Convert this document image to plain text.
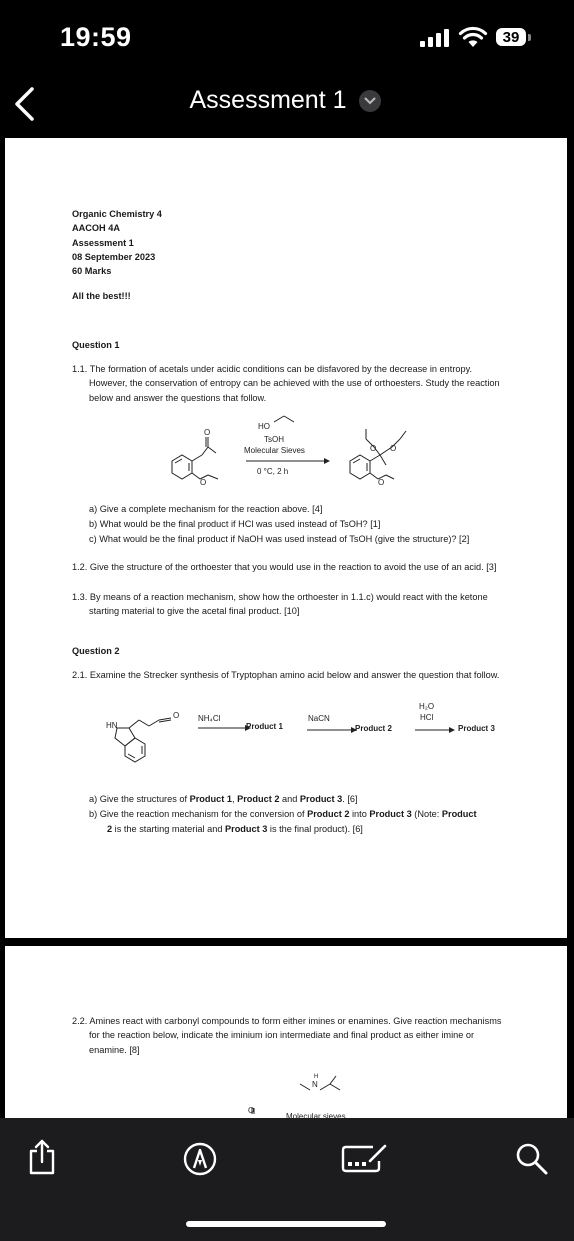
19:59	39
Assessment 1
Organic Chemistry 4
AACOH 4A
Assessment 1
08 September 2023
60 Marks
All the best!!!
Question 1
1.1. The formation of acetals under acidic conditions can be disfavored by the decrease in entropy. However, the conservation of entropy can be achieved with the use of orthoesters. Study the reaction below and answer the questions that follow.
O
O
O O
O
HO
TsOH
Molecular Sieves
0 °C, 2 h
a) Give a complete mechanism for the reaction above. [4]
b) What would be the final product if HCl was used instead of TsOH? [1]
c) What would be the final product if NaOH was used instead of TsOH (give the structure)? [2]
1.2. Give the structure of the orthoester that you would use in the reaction to avoid the use of an acid. [3]
1.3. By means of a reaction mechanism, show how the orthoester in 1.1.c) would react with the ketone starting material to give the acetal final product. [10]
Question 2
2.1. Examine the Strecker synthesis of Tryptophan amino acid below and answer the question that follow.
HN
O NH₄Cl
Product 1
NaCN
Product 2
H₂O
HCl
Product 3
a) Give the structures of Product 1, Product 2 and Product 3. [6]
b) Give the reaction mechanism for the conversion of Product 2 into Product 3 (Note: Product
2 is the starting material and Product 3 is the final product). [6]
2.2. Amines react with carbonyl compounds to form either imines or enamines. Give reaction mechanisms for the reaction below, indicate the iminium ion intermediate and final product as either imine or enamine. [8]
H
N
O
Molecular sieves
